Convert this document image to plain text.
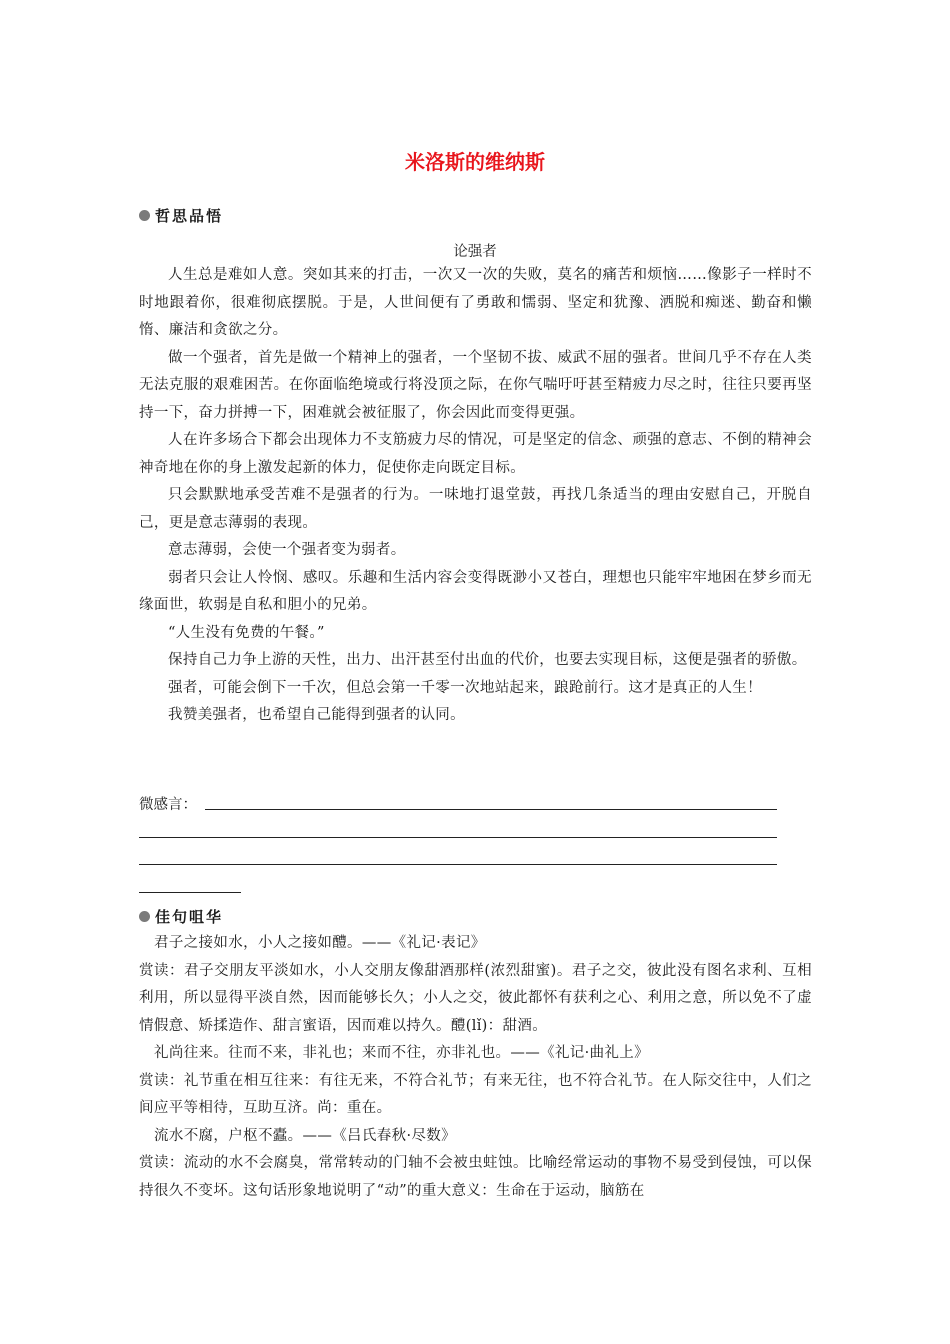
米洛斯的维纳斯
哲思品悟
论强者

人生总是难如人意。突如其来的打击，一次又一次的失败，莫名的痛苦和烦恼……像影子一样时不时地跟着你，很难彻底摆脱。于是，人世间便有了勇敢和懦弱、坚定和犹豫、洒脱和痴迷、勤奋和懒惰、廉洁和贪欲之分。

做一个强者，首先是做一个精神上的强者，一个坚韧不拔、威武不屈的强者。世间几乎不存在人类无法克服的艰难困苦。在你面临绝境或行将没顶之际，在你气喘吁吁甚至精疲力尽之时，往往只要再坚持一下，奋力拼搏一下，困难就会被征服了，你会因此而变得更强。

人在许多场合下都会出现体力不支筋疲力尽的情况，可是坚定的信念、顽强的意志、不倒的精神会神奇地在你的身上激发起新的体力，促使你走向既定目标。

只会默默地承受苦难不是强者的行为。一味地打退堂鼓，再找几条适当的理由安慰自己，开脱自己，更是意志薄弱的表现。

意志薄弱，会使一个强者变为弱者。

弱者只会让人怜悯、感叹。乐趣和生活内容会变得既渺小又苍白，理想也只能牢牢地困在梦乡而无缘面世，软弱是自私和胆小的兄弟。

“人生没有免费的午餐。”

保持自己力争上游的天性，出力、出汗甚至付出血的代价，也要去实现目标，这便是强者的骄傲。

强者，可能会倒下一千次，但总会第一千零一次地站起来，踉跄前行。这才是真正的人生！

我赞美强者，也希望自己能得到强者的认同。

微感言：
佳句咀华

君子之接如水，小人之接如醴。——《礼记·表记》

赏读：君子交朋友平淡如水，小人交朋友像甜酒那样(浓烈甜蜜)。君子之交，彼此没有图名求利、互相利用，所以显得平淡自然，因而能够长久；小人之交，彼此都怀有获利之心、利用之意，所以免不了虚情假意、矫揉造作、甜言蜜语，因而难以持久。醴(lǐ)：甜酒。

礼尚往来。往而不来，非礼也；来而不往，亦非礼也。——《礼记·曲礼上》

赏读：礼节重在相互往来：有往无来，不符合礼节；有来无往，也不符合礼节。在人际交往中，人们之间应平等相待，互助互济。尚：重在。

流水不腐，户枢不蠹。——《吕氏春秋·尽数》

赏读：流动的水不会腐臭，常常转动的门轴不会被虫蛀蚀。比喻经常运动的事物不易受到侵蚀，可以保持很久不变坏。这句话形象地说明了“动”的重大意义：生命在于运动，脑筋在
